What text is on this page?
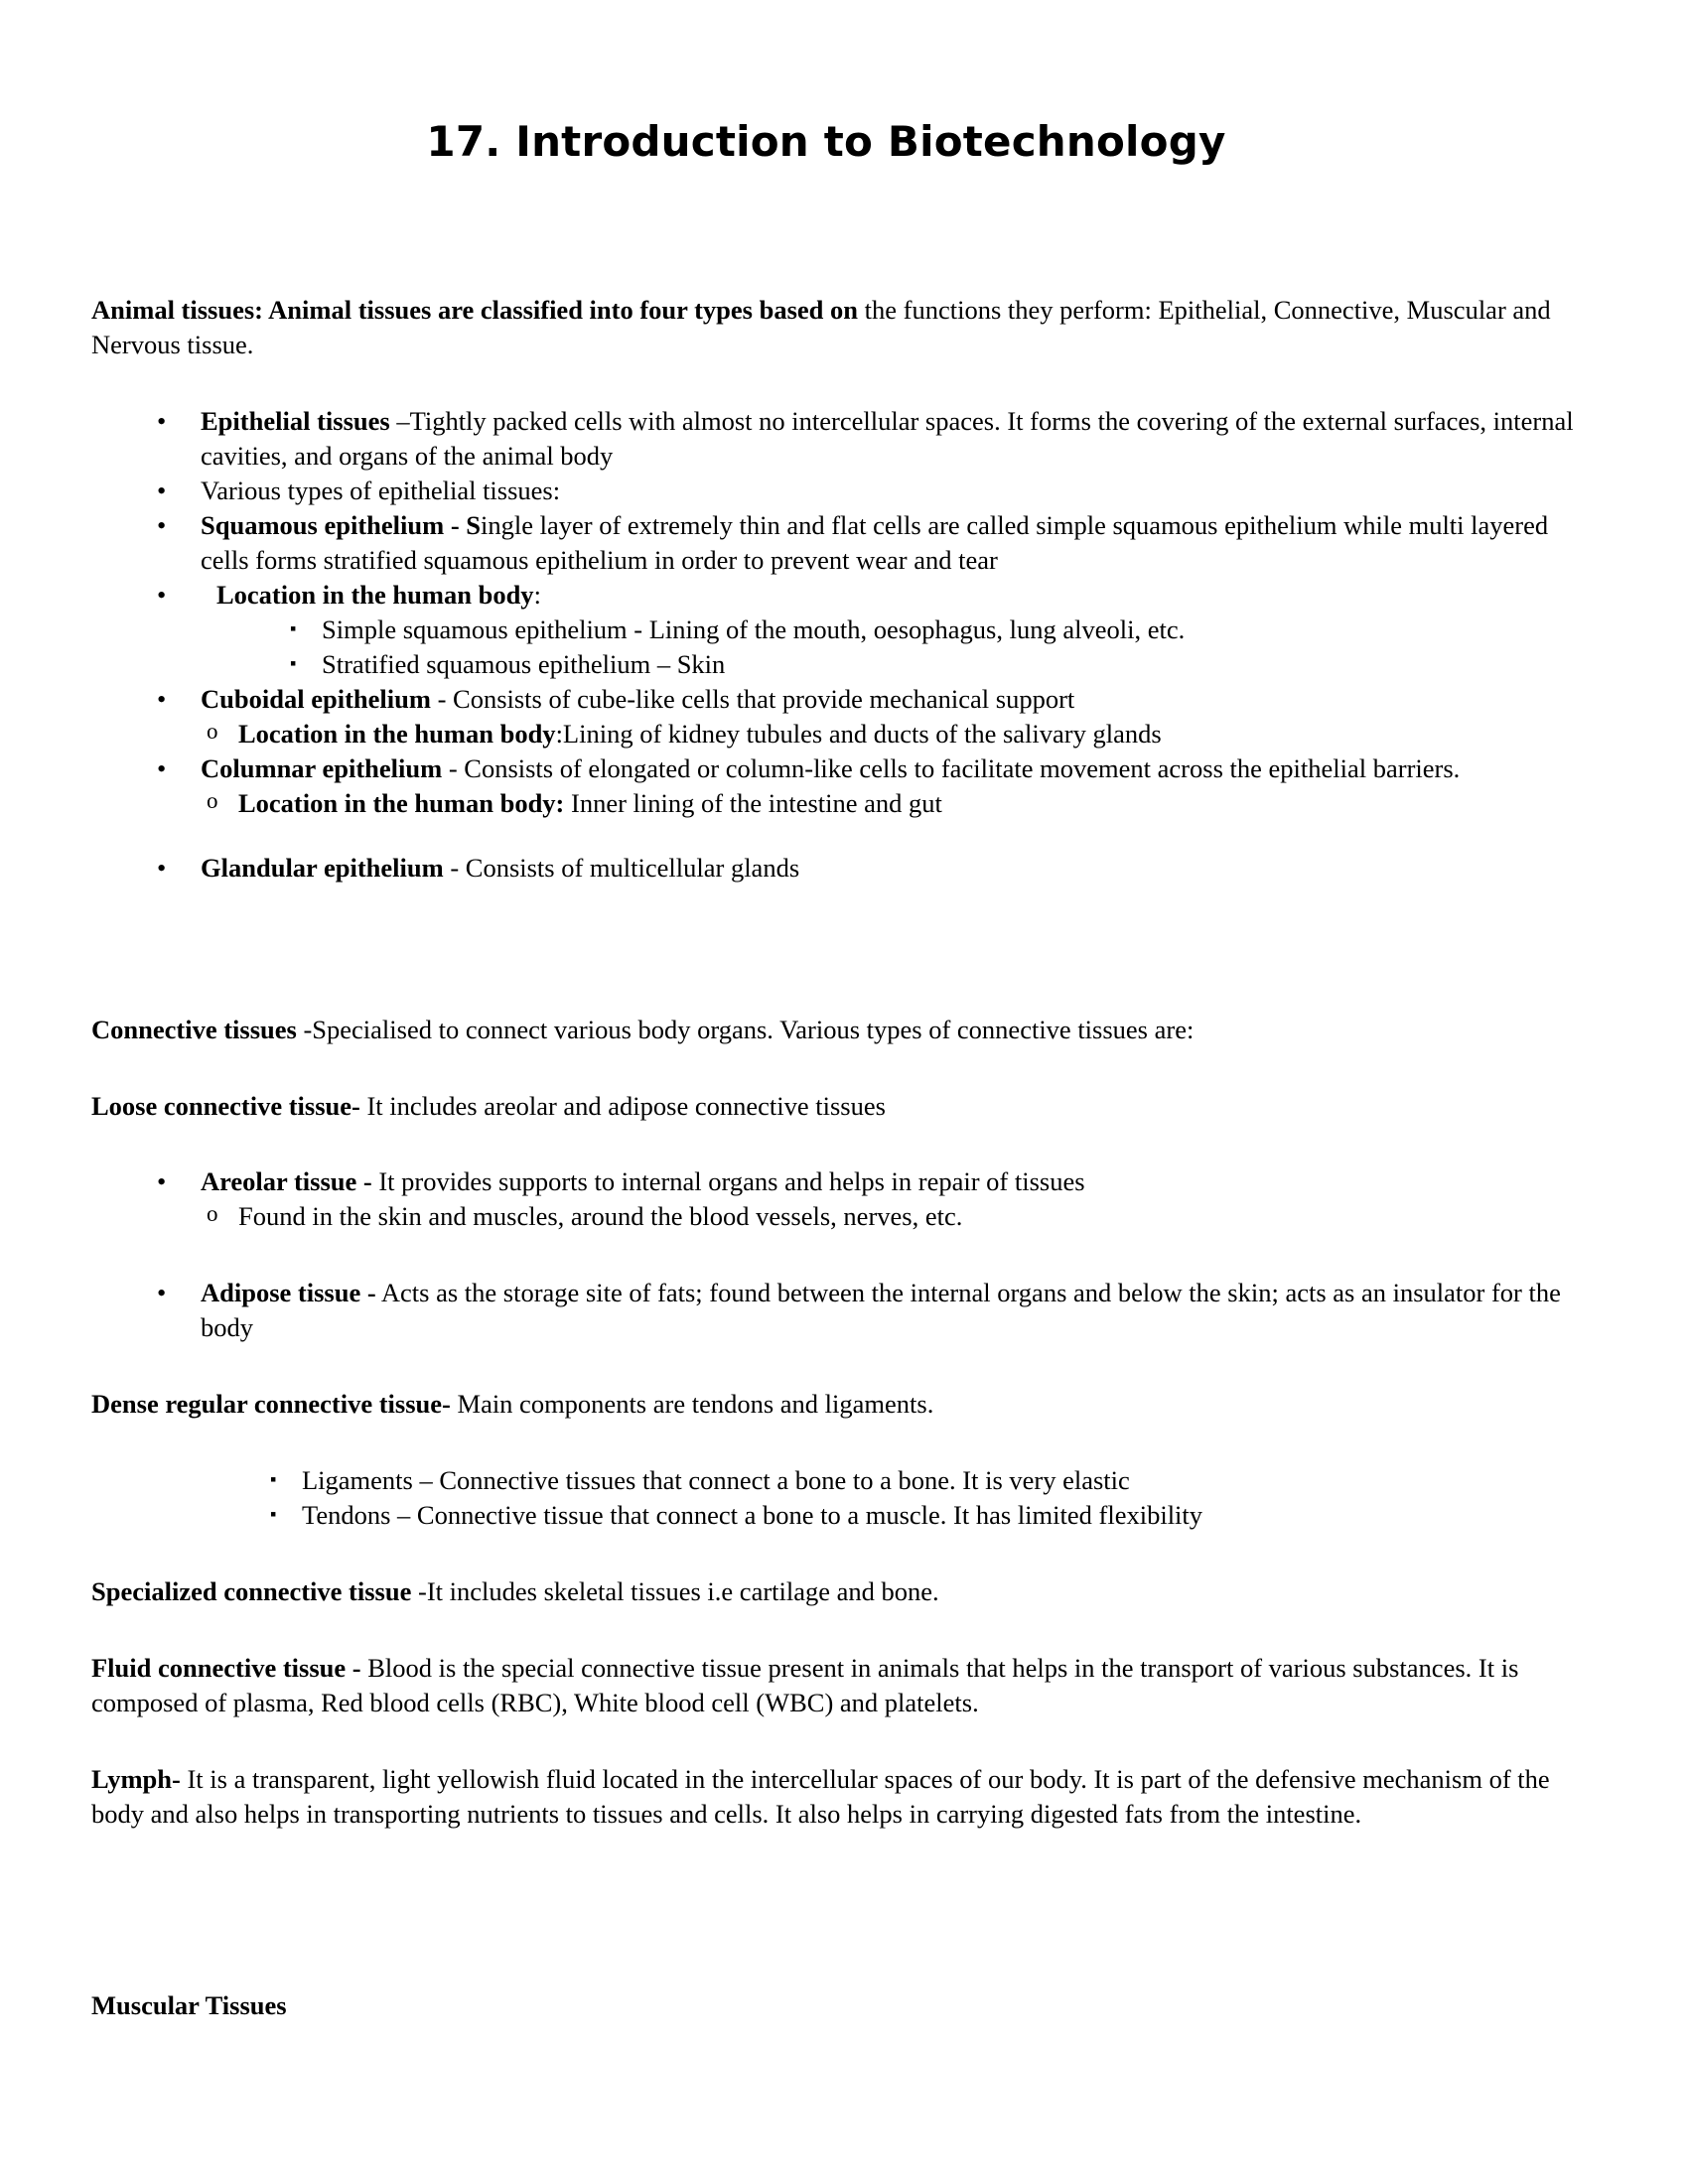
17. Introduction to Biotechnology

Animal tissues: Animal tissues are classified into four types based on the functions they perform: Epithelial, Connective, Muscular and Nervous tissue.

• Epithelial tissues –Tightly packed cells with almost no intercellular spaces. It forms the covering of the external surfaces, internal cavities, and organs of the animal body
• Various types of epithelial tissues:
• Squamous epithelium - Single layer of extremely thin and flat cells are called simple squamous epithelium while multi layered cells forms stratified squamous epithelium in order to prevent wear and tear
• Location in the human body:
▪ Simple squamous epithelium - Lining of the mouth, oesophagus, lung alveoli, etc.
▪ Stratified squamous epithelium – Skin
• Cuboidal epithelium - Consists of cube-like cells that provide mechanical support
o Location in the human body:Lining of kidney tubules and ducts of the salivary glands
• Columnar epithelium - Consists of elongated or column-like cells to facilitate movement across the epithelial barriers.
o Location in the human body: Inner lining of the intestine and gut
• Glandular epithelium - Consists of multicellular glands

Connective tissues -Specialised to connect various body organs. Various types of connective tissues are:

Loose connective tissue- It includes areolar and adipose connective tissues

• Areolar tissue - It provides supports to internal organs and helps in repair of tissues
o Found in the skin and muscles, around the blood vessels, nerves, etc.
• Adipose tissue - Acts as the storage site of fats; found between the internal organs and below the skin; acts as an insulator for the body

Dense regular connective tissue- Main components are tendons and ligaments.

▪ Ligaments – Connective tissues that connect a bone to a bone. It is very elastic
▪ Tendons – Connective tissue that connect a bone to a muscle. It has limited flexibility

Specialized connective tissue -It includes skeletal tissues i.e cartilage and bone.

Fluid connective tissue - Blood is the special connective tissue present in animals that helps in the transport of various substances. It is composed of plasma, Red blood cells (RBC), White blood cell (WBC) and platelets.

Lymph- It is a transparent, light yellowish fluid located in the intercellular spaces of our body. It is part of the defensive mechanism of the body and also helps in transporting nutrients to tissues and cells. It also helps in carrying digested fats from the intestine.

Muscular Tissues
